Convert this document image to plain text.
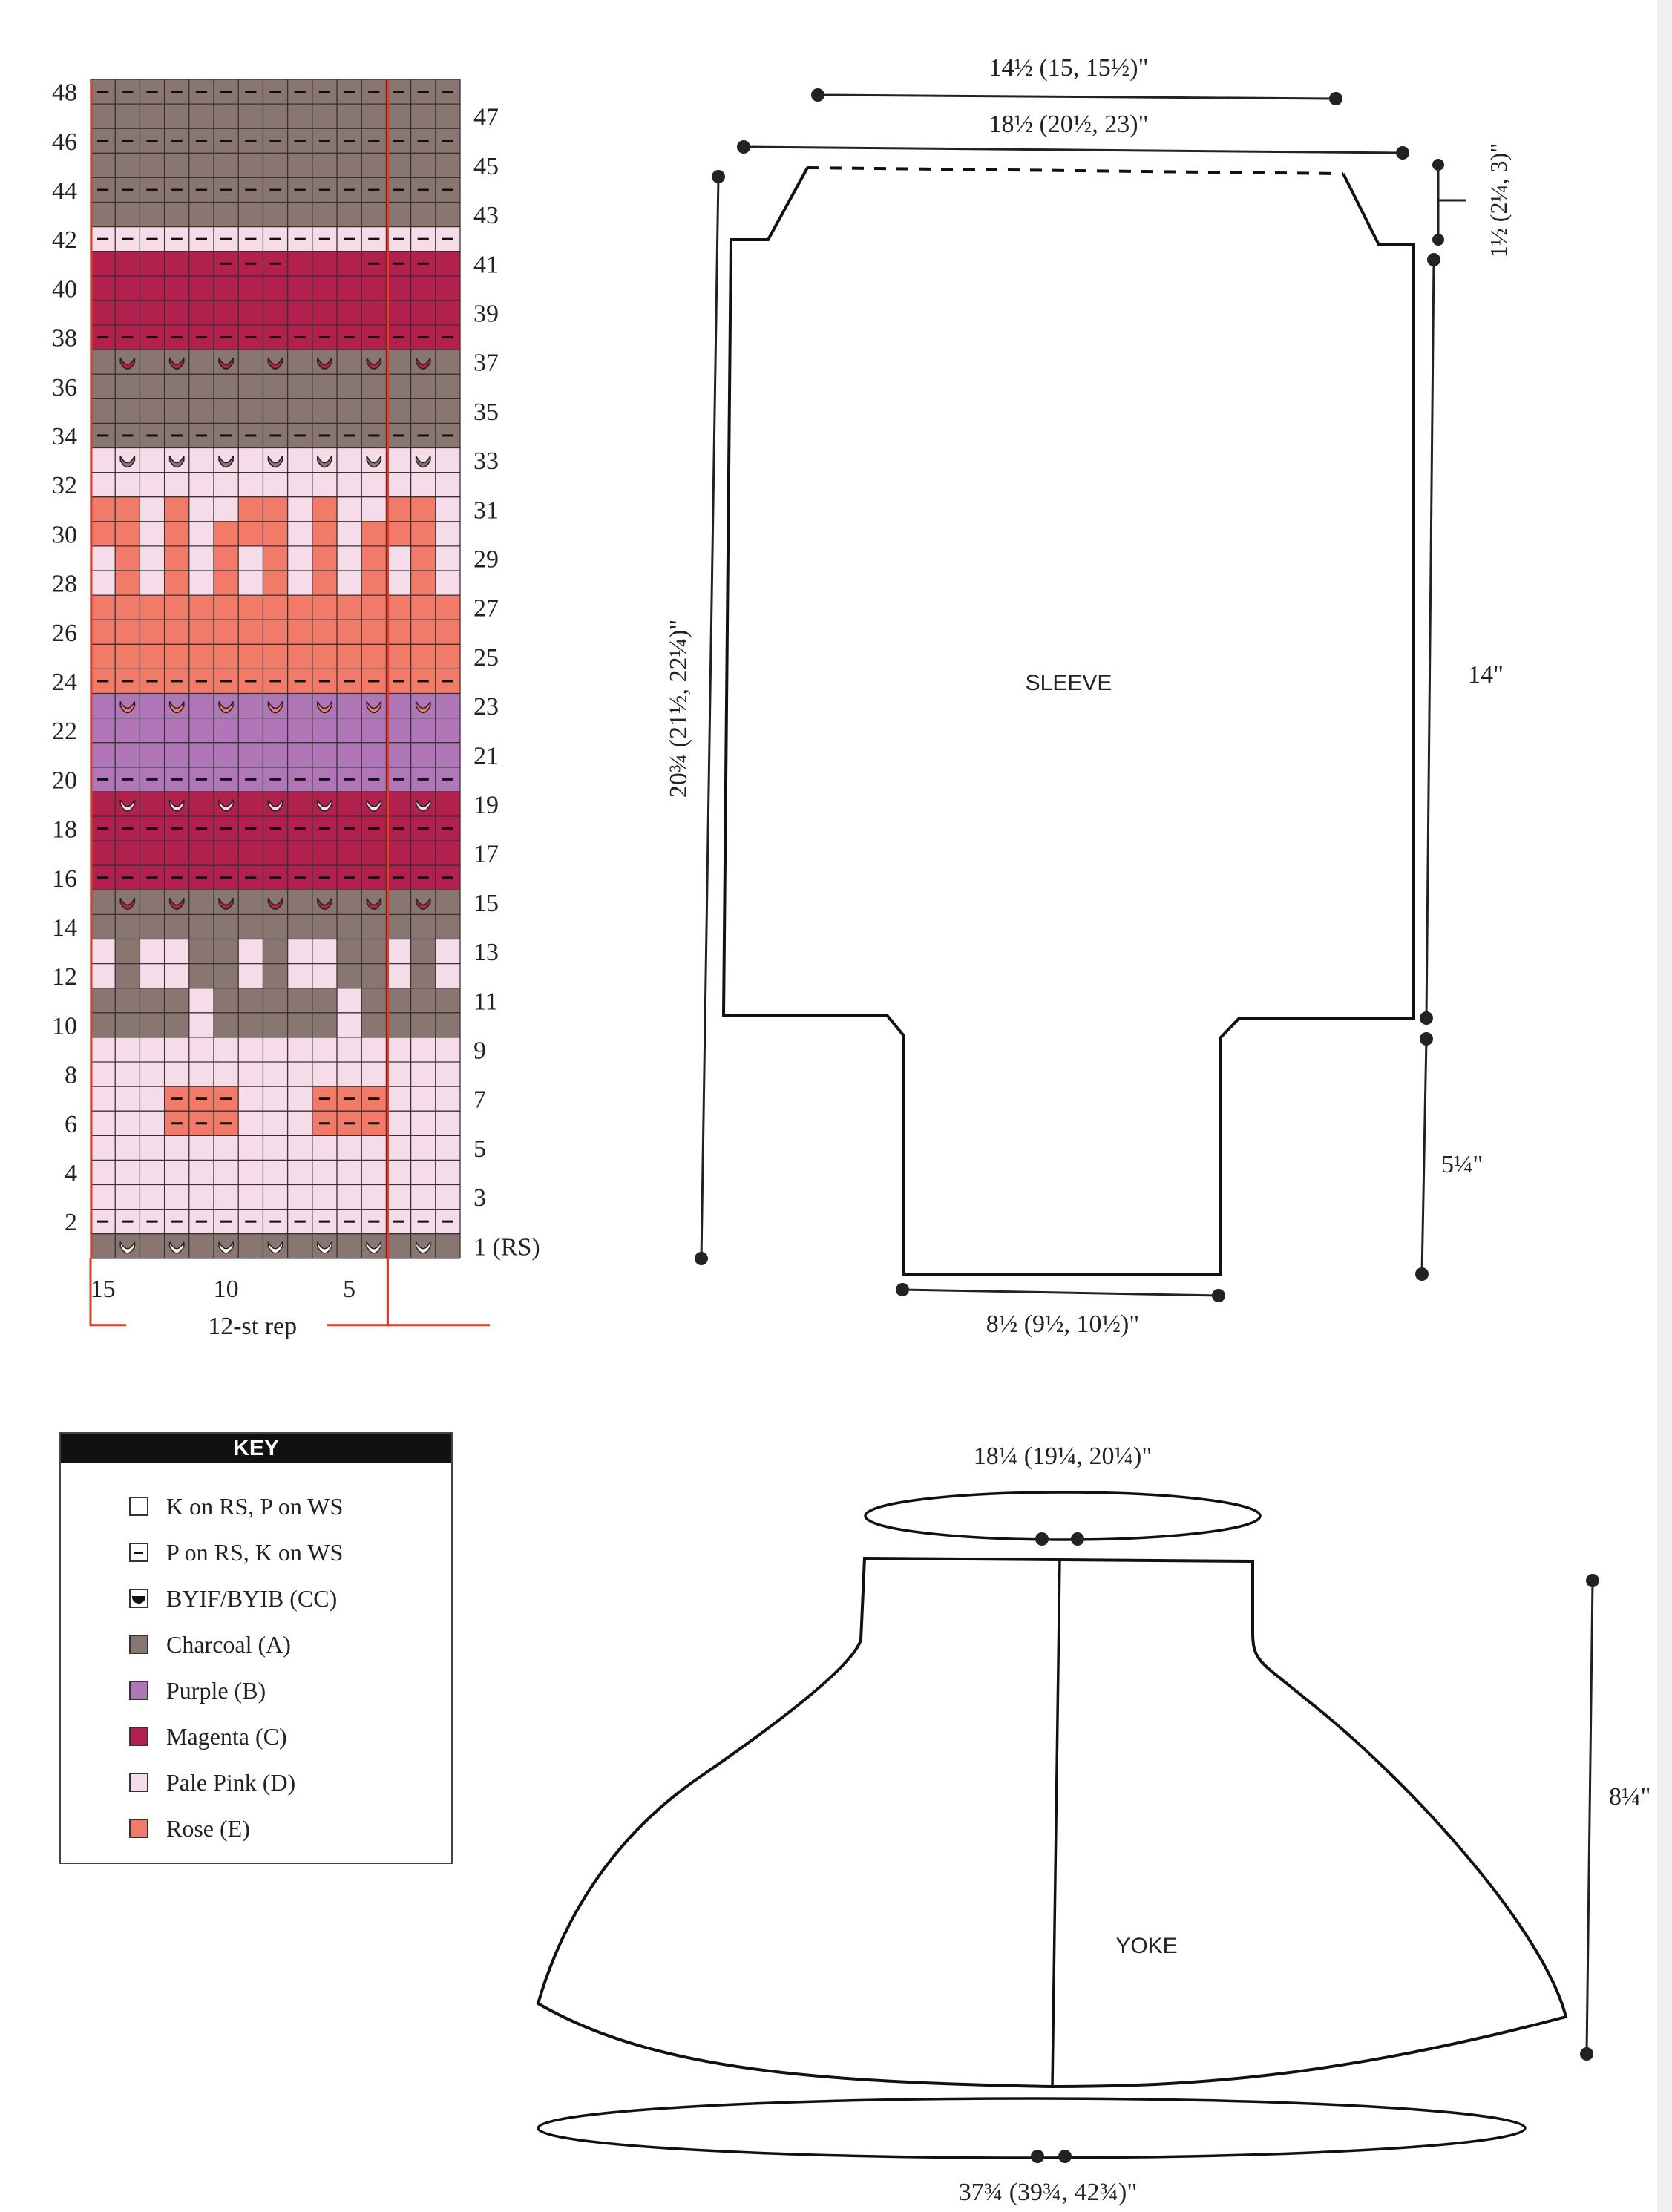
48
46
44
42
40
38
36
34
32
30
28
26
24
22
20
18
16
14
12
10
8
6
4
2
47
45
43
41
39
37
35
33
31
29
27
25
23
21
19
17
15
13
11
9
7
5
3
1 (RS)
15	10	5
12-st rep
KEY
K on RS, P on WS
P on RS, K on WS
BYIF/BYIB (CC)
Charcoal (A)
Purple (B)
Magenta (C)
Pale Pink (D)
Rose (E)
14½ (15, 15½)"
18½ (20½, 23)"
SLEEVE
1½ (2¼, 3)"
20¾ (21½, 22¼)"	14"
5¼"
8½ (9½, 10½)"
18¼ (19¼, 20¼)"
YOKE
8¼"
37¾ (39¾, 42¾)"
